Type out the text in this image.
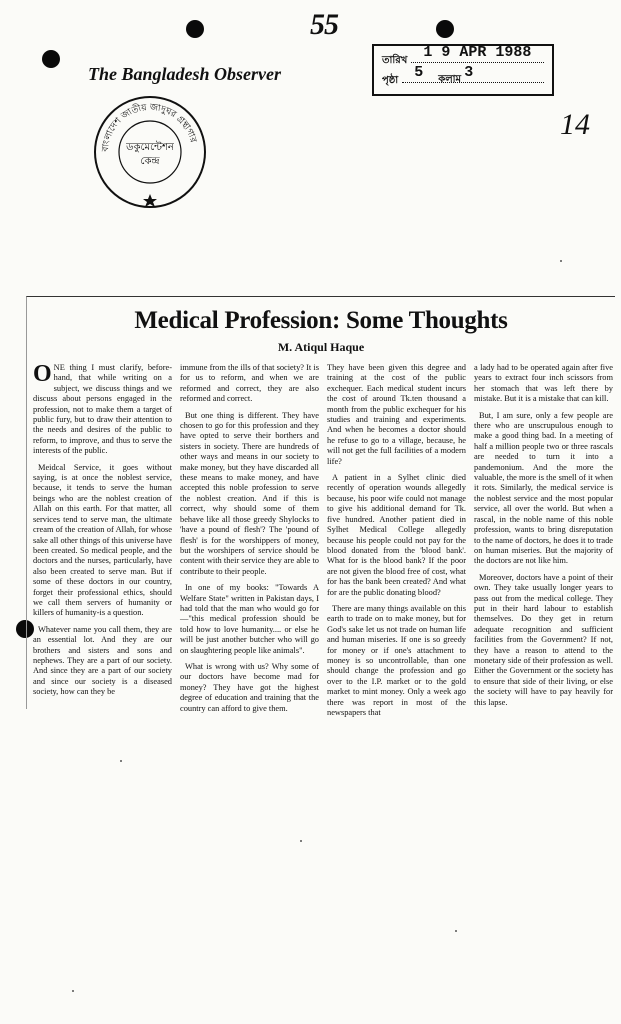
55
The Bangladesh Observer
বাংলাদেশ জাতীয় জাদুঘর গ্রন্থাগার
ডকুমেন্টেশন
কেন্দ্র
তারিখ 1 9 APR 1988
পৃষ্ঠা 5	3
কলাম
14
Medical Profession: Some Thoughts
M. Atiqul Haque

ONE thing I must clarify, before-hand, that while writing on a subject, we discuss things and we discuss about persons engaged in the profession, not to make them a target of public fury, but to draw their attention to the needs and desires of the public to reform, to improve, and thus to serve the interests of the public.

Meidcal Service, it goes without saying, is at once the noblest service, because, it tends to serve the human beings who are the noblest creation of Allah on this earth. For that matter, all services tend to serve man, the ultimate cream of the creation of Allah, for whose sake all other things of this universe have been created. So medical people, and the doctors and the nurses, particularly, have also been created to serve man. But if some of these doctors in our country, forget their professional ethics, should we call them servers of humanity or killers of humanity-is a question.

Whatever name you call them, they are an essential lot. And they are our brothers and sisters and sons and nephews. They are a part of our society. And since they are a part of our society and since our society is a diseased society, how can they be

immune from the ills of that society? It is for us to reform, and when we are reformed and correct, they are also reformed and correct.

But one thing is different. They have chosen to go for this profession and they have opted to serve their borthers and sisters in society. There are hundreds of other ways and means in our society to make money, but they have discarded all these means to make money, and have accepted this noble profession to serve the noblest creation. And if this is correct, why should some of them behave like all those greedy Shylocks to 'have a pound of flesh'? The 'pound of flesh' is for the worshippers of money, but the worshipers of service should be content with their service they are able to contribute to their people.

In one of my books: "Towards A Welfare State" written in Pakistan days, I had told that the man who would go for—"this medical profession should be told how to love humanity.... or else he will be just another butcher who will go on slaughtering people like animals".

What is wrong with us? Why some of our doctors have become mad for money? They have got the highest degree of education and training that the country can afford to give them.

They have been given this degree and training at the cost of the public exchequer. Each medical student incurs the cost of around Tk.ten thousand a month from the public exchequer for his studies and training and experiments. And when he becomes a doctor should he refuse to go to a village, because, he will not get the full facilities of a modern life?

A patient in a Sylhet clinic died recently of operation wounds allegedly because, his poor wife could not manage to give his additional demand for Tk. five hundred. Another patient died in Sylhet Medical College allegedly because his people could not pay for the blood donated from the 'blood bank'. What for is the blood bank? If the poor are not given the blood free of cost, what for has the bank been created? And what for are the public donating blood?

There are many things available on this earth to trade on to make money, but for God's sake let us not trade on human life and human miseries. If one is so greedy for money or if one's attachment to money is so uncontrollable, than one should change the profession and go over to the I.P. market or to the gold market to mint money. Only a week ago there was report in most of the newspapers that

a lady had to be operated again after five years to extract four inch scissors from her stomach that was left there by mistake. But it is a mistake that can kill.

But, I am sure, only a few people are there who are unscrupulous enough to make a good thing bad. In a meeting of half a million people two or three rascals are needed to turn it into a pandemonium. And the more the valuable, the more is the smell of it when it rots. Similarly, the medical service is the noblest service and the most popular service, all over the world. But when a rascal, in the noble name of this noble profession, wants to bring disreputation to the name of doctors, he does it to trade on human miseries. But the majority of the doctors are not like him.

Moreover, doctors have a point of their own. They take usually longer years to pass out from the medical college. They put in their hard labour to establish themselves. Do they get in return adequate recognition and sufficient facilities from the Government? If not, they have a reason to attend to the monetary side of their profession as well. Either the Government or the society has to ensure that side of their living, or else the society will have to pay heavily for this lapse.
